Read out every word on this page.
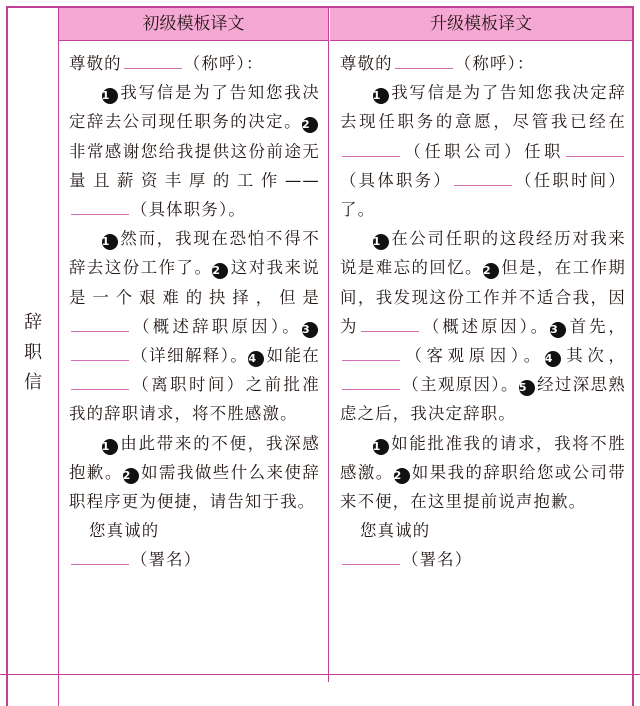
辞
职
信
初级模板译文

尊敬的	（称呼）：

1 我写信是为了告知您我决定辞去公司现任职务的决定。2非常感谢您给我提供这份前途无量且薪资丰厚的工作——（具体职务）。

1 然而，我现在恐怕不得不辞去这份工作了。2 这对我来说是一个艰难的抉择，但是（概述辞职原因）。3（详细解释）。4 如能在（离职时间）之前批准我的辞职请求，将不胜感激。

1 由此带来的不便，我深感抱歉。2 如需我做些什么来使辞职程序更为便捷，请告知于我。

您真诚的

（署名）

升级模板译文

尊敬的	（称呼）：

1 我写信是为了告知您我决定辞去现任职务的意愿，尽管我已经在（任职公司）任职（具体职务）	（任职时间）了。

1 在公司任职的这段经历对我来说是难忘的回忆。2 但是，在工作期间，我发现这份工作并不适合我，因为	（概述原因）。3 首先，（客观原因）。4 其次，（主观原因）。5 经过深思熟虑之后，我决定辞职。

1 如能批准我的请求，我将不胜感激。2 如果我的辞职给您或公司带来不便，在这里提前说声抱歉。

您真诚的

（署名）
